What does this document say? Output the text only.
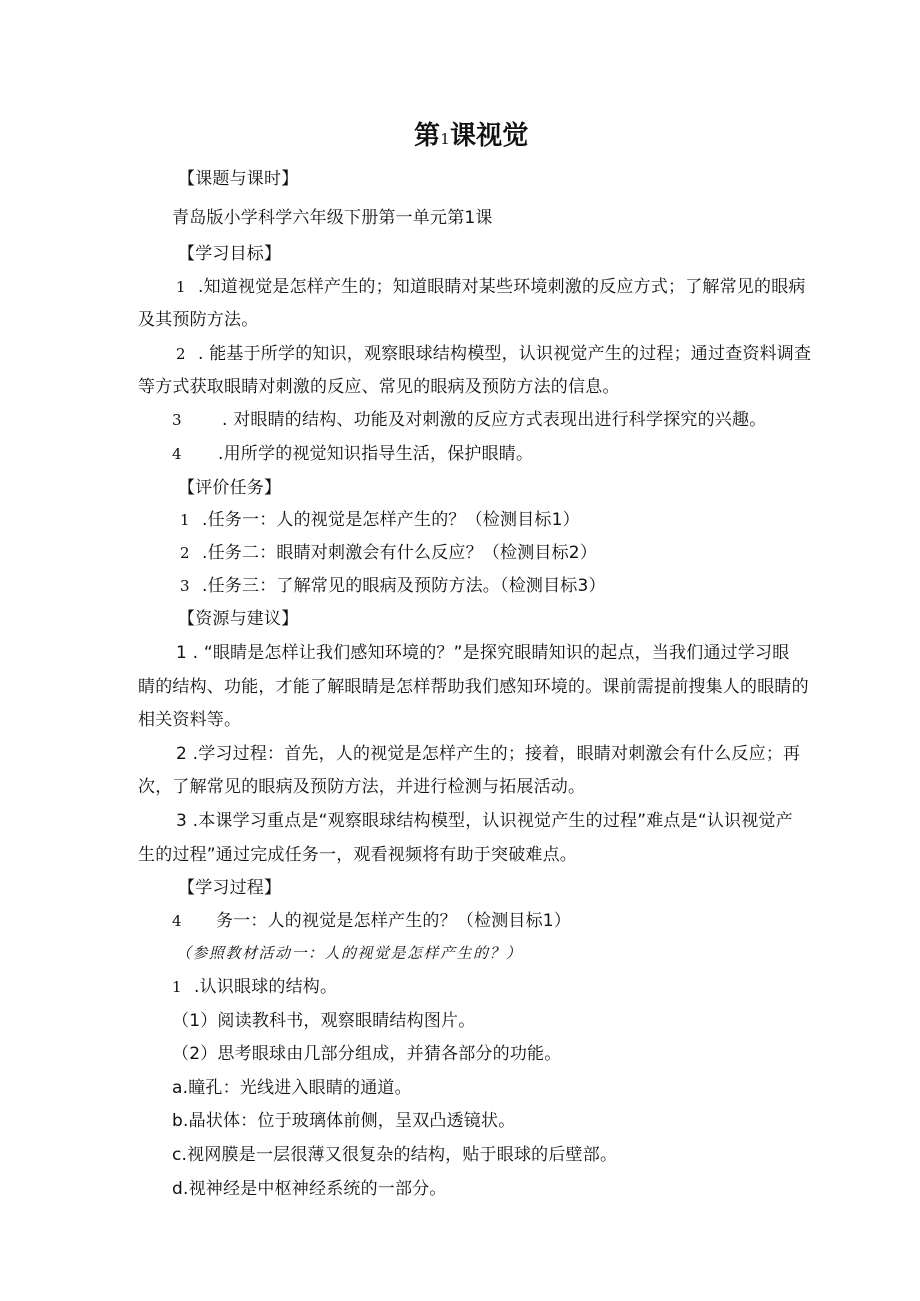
第1课视觉
【课题与课时】
青岛版小学科学六年级下册第一单元第1课
【学习目标】
1 .知道视觉是怎样产生的；知道眼睛对某些环境刺激的反应方式；了解常见的眼病
及其预防方法。
2 . 能基于所学的知识，观察眼球结构模型，认识视觉产生的过程；通过查资料调查
等方式获取眼睛对刺激的反应、常见的眼病及预防方法的信息。
3 . 对眼睛的结构、功能及对刺激的反应方式表现出进行科学探究的兴趣。
4 .用所学的视觉知识指导生活，保护眼睛。
【评价任务】
1 .任务一：人的视觉是怎样产生的？（检测目标1）
2 .任务二：眼睛对刺激会有什么反应？（检测目标2）
3 .任务三：了解常见的眼病及预防方法。（检测目标3）
【资源与建议】
1 . “眼睛是怎样让我们感知环境的？”是探究眼睛知识的起点，当我们通过学习眼
睛的结构、功能，才能了解眼睛是怎样帮助我们感知环境的。课前需提前搜集人的眼睛的
相关资料等。
2 .学习过程：首先，人的视觉是怎样产生的；接着，眼睛对刺激会有什么反应；再
次，了解常见的眼病及预防方法，并进行检测与拓展活动。
3 .本课学习重点是“观察眼球结构模型，认识视觉产生的过程”难点是“认识视觉产
生的过程”通过完成任务一，观看视频将有助于突破难点。
【学习过程】
4 务一：人的视觉是怎样产生的？（检测目标1）
（参照教材活动一：人的视觉是怎样产生的？）
1 .认识眼球的结构。
（1）阅读教科书，观察眼睛结构图片。
（2）思考眼球由几部分组成，并猜各部分的功能。
a.瞳孔：光线进入眼睛的通道。
b.晶状体：位于玻璃体前侧，呈双凸透镜状。
c.视网膜是一层很薄又很复杂的结构，贴于眼球的后壁部。
d.视神经是中枢神经系统的一部分。
